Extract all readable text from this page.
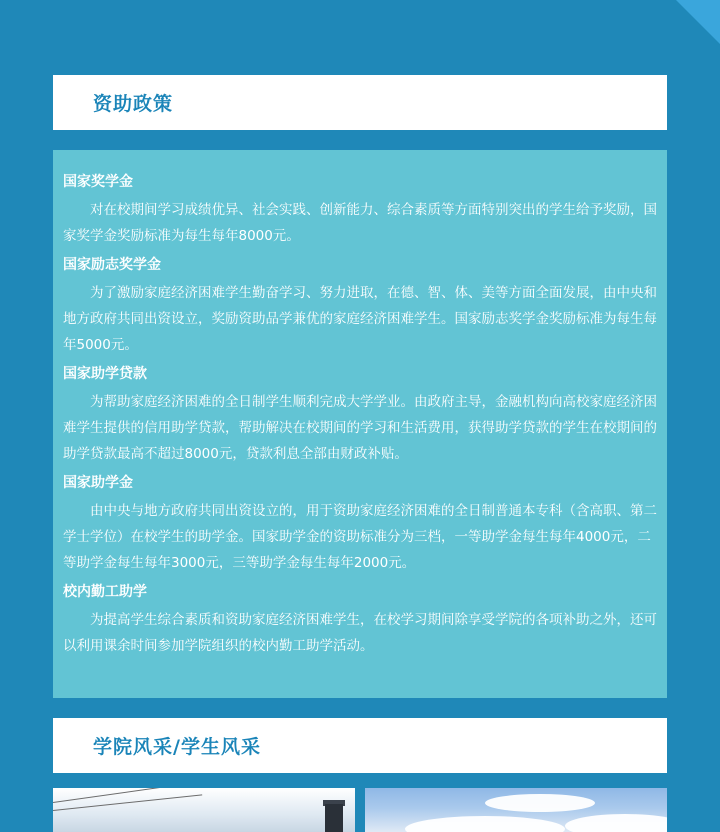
资助政策
国家奖学金
对在校期间学习成绩优异、社会实践、创新能力、综合素质等方面特别突出的学生给予奖励，国家奖学金奖励标准为每生每年8000元。
国家励志奖学金
为了激励家庭经济困难学生勤奋学习、努力进取，在德、智、体、美等方面全面发展，由中央和地方政府共同出资设立，奖励资助品学兼优的家庭经济困难学生。国家励志奖学金奖励标准为每生每年5000元。
国家助学贷款
为帮助家庭经济困难的全日制学生顺利完成大学学业。由政府主导，金融机构向高校家庭经济困难学生提供的信用助学贷款，帮助解决在校期间的学习和生活费用，获得助学贷款的学生在校期间的助学贷款最高不超过8000元，贷款利息全部由财政补贴。
国家助学金
由中央与地方政府共同出资设立的，用于资助家庭经济困难的全日制普通本专科（含高职、第二学士学位）在校学生的助学金。国家助学金的资助标准分为三档，一等助学金每生每年4000元，二等助学金每生每年3000元，三等助学金每生每年2000元。
校内勤工助学
为提高学生综合素质和资助家庭经济困难学生，在校学习期间除享受学院的各项补助之外，还可以利用课余时间参加学院组织的校内勤工助学活动。
学院风采/学生风采
